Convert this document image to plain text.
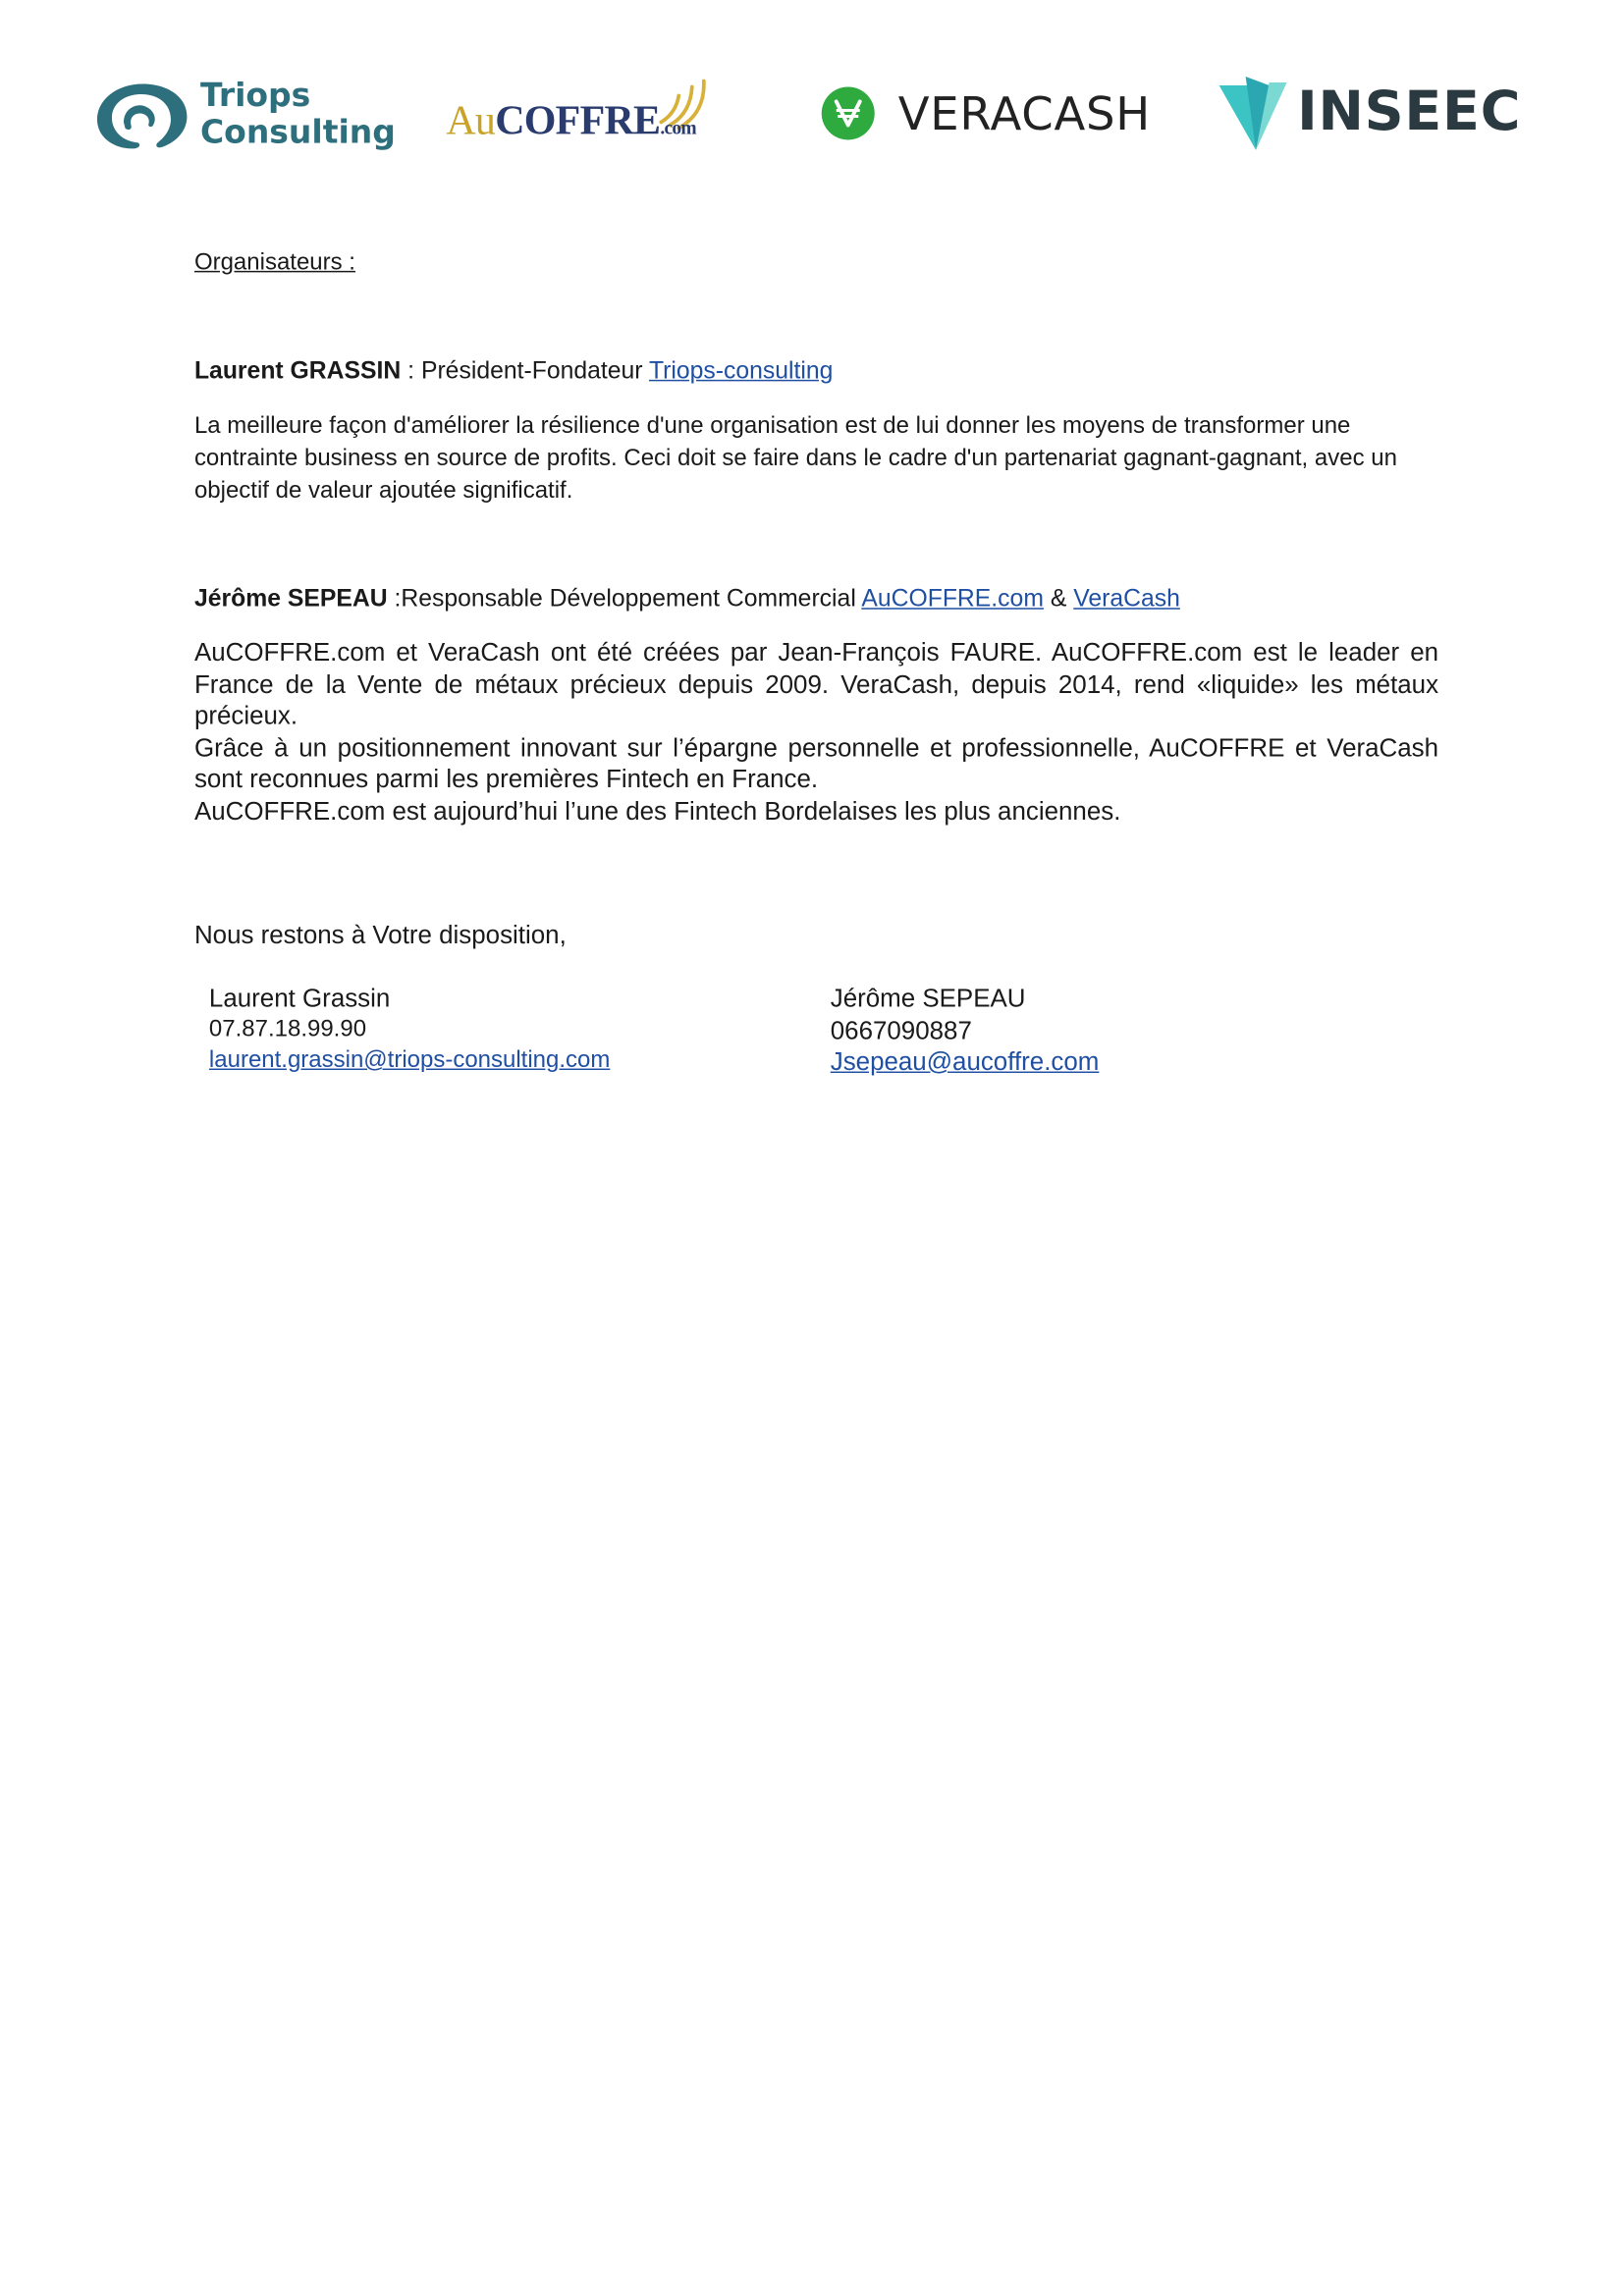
Triops
Consulting AuCOFFRE.com	VERACASH	INSEEC
Organisateurs :
Laurent GRASSIN : Président-Fondateur Triops-consulting
La meilleure façon d'améliorer la résilience d'une organisation est de lui donner les moyens de transformer une contrainte business en source de profits. Ceci doit se faire dans le cadre d'un partenariat gagnant-gagnant, avec un objectif de valeur ajoutée significatif.
Jérôme SEPEAU :Responsable Développement Commercial AuCOFFRE.com & VeraCash
AuCOFFRE.com et VeraCash ont été créées par Jean-François FAURE. AuCOFFRE.com est le leader en France de la Vente de métaux précieux depuis 2009. VeraCash, depuis 2014, rend «liquide» les métaux précieux.
Grâce à un positionnement innovant sur l’épargne personnelle et professionnelle, AuCOFFRE et VeraCash sont reconnues parmi les premières Fintech en France.
AuCOFFRE.com est aujourd’hui l’une des Fintech Bordelaises les plus anciennes.
Nous restons à Votre disposition,
Laurent Grassin
07.87.18.99.90
laurent.grassin@triops-consulting.com
Jérôme SEPEAU
0667090887
Jsepeau@aucoffre.com
